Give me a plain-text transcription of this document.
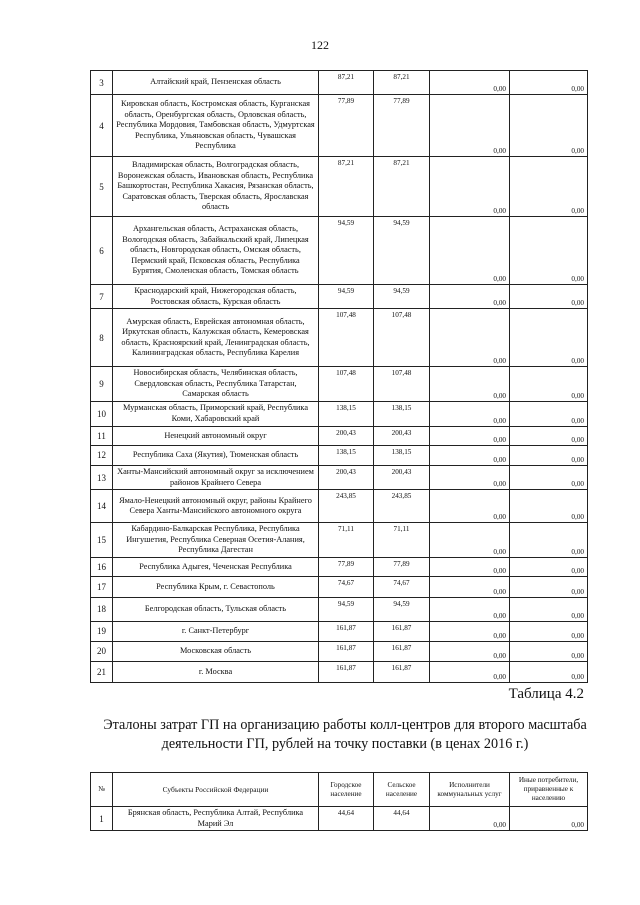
122
3	Алтайский край, Пензенская область	87,21	87,21	0,00	0,00
4	Кировская область, Костромская область, Курганская область, Оренбургская область, Орловская область, Республика Мордовия, Тамбовская область, Удмуртская Республика, Ульяновская область, Чувашская Республика	77,89	77,89	0,00	0,00
5	Владимирская область, Волгоградская область, Воронежская область, Ивановская область, Республика Башкортостан, Республика Хакасия, Рязанская область, Саратовская область, Тверская область, Ярославская область	87,21	87,21	0,00	0,00
6	Архангельская область, Астраханская область, Вологодская область, Забайкальский край, Липецкая область, Новгородская область, Омская область, Пермский край, Псковская область, Республика Бурятия, Смоленская область, Томская область	94,59	94,59	0,00	0,00
7	Краснодарский край, Нижегородская область, Ростовская область, Курская область	94,59	94,59	0,00	0,00
8	Амурская область, Еврейская автономная область, Иркутская область, Калужская область, Кемеровская область, Красноярский край, Ленинградская область, Калининградская область, Республика Карелия	107,48	107,48	0,00	0,00
9	Новосибирская область, Челябинская область, Свердловская область, Республика Татарстан, Самарская область	107,48	107,48	0,00	0,00
10	Мурманская область, Приморский край, Республика Коми, Хабаровский край	138,15	138,15	0,00	0,00
11	Ненецкий автономный округ	200,43	200,43	0,00	0,00
12	Республика Саха (Якутия), Тюменская область	138,15	138,15	0,00	0,00
13	Ханты-Мансийский автономный округ за исключением районов Крайнего Севера	200,43	200,43	0,00	0,00
14	Ямало-Ненецкий автономный округ, районы Крайнего Севера Ханты-Мансийского автономного округа	243,85	243,85	0,00	0,00
15	Кабардино-Балкарская Республика, Республика Ингушетия, Республика Северная Осетия-Алания, Республика Дагестан	71,11	71,11	0,00	0,00
16	Республика Адыгея, Чеченская Республика	77,89	77,89	0,00	0,00
17	Республика Крым, г. Севастополь	74,67	74,67	0,00	0,00
18	Белгородская область, Тульская область	94,59	94,59	0,00	0,00
19	г. Санкт-Петербург	161,87	161,87	0,00	0,00
20	Московская область	161,87	161,87	0,00	0,00
21	г. Москва	161,87	161,87	0,00	0,00
Таблица 4.2
Эталоны затрат ГП на организацию работы колл-центров для второго масштаба деятельности ГП, рублей на точку поставки (в ценах 2016 г.)
№	Субъекты Российской Федерации	Городское население	Сельское население	Исполнители коммунальных услуг	Иные потребители, приравненные к населению
1	Брянская область, Республика Алтай, Республика Марий Эл	44,64	44,64	0,00	0,00
